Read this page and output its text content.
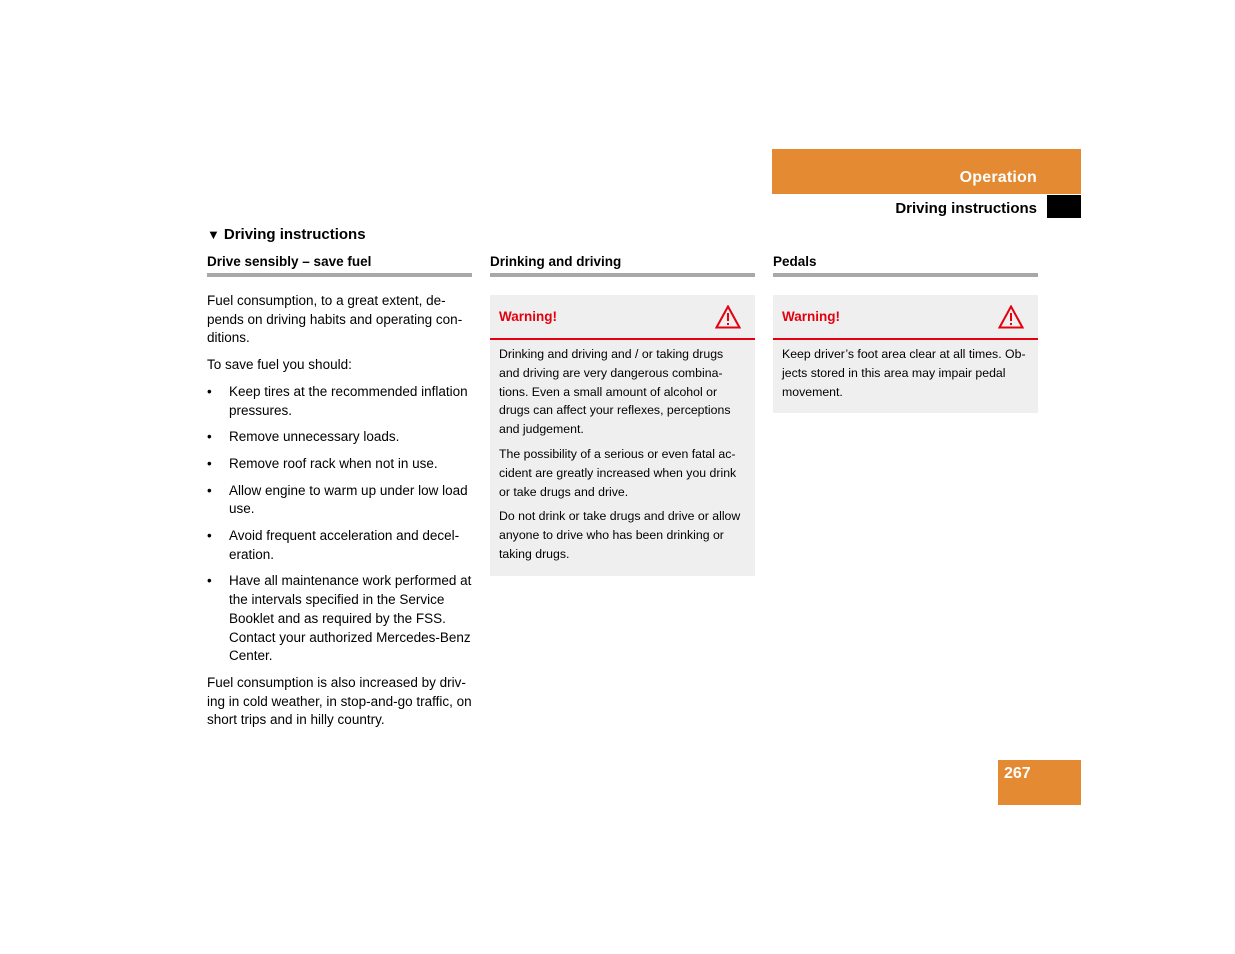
Operation
Driving instructions
▼ Driving instructions
Drive sensibly – save fuel

Fuel consumption, to a great extent, depends on driving habits and operating conditions.

To save fuel you should:

• Keep tires at the recommended inflation pressures.
• Remove unnecessary loads.
• Remove roof rack when not in use.
• Allow engine to warm up under low load use.
• Avoid frequent acceleration and deceleration.
• Have all maintenance work performed at the intervals specified in the Service Booklet and as required by the FSS. Contact your authorized Mercedes-Benz Center.

Fuel consumption is also increased by driving in cold weather, in stop-and-go traffic, on short trips and in hilly country.

Drinking and driving
Warning!

Drinking and driving and / or taking drugs and driving are very dangerous combinations. Even a small amount of alcohol or drugs can affect your reflexes, perceptions and judgement.

The possibility of a serious or even fatal accident are greatly increased when you drink or take drugs and drive.

Do not drink or take drugs and drive or allow anyone to drive who has been drinking or taking drugs.

Pedals
Warning!

Keep driver’s foot area clear at all times. Objects stored in this area may impair pedal movement.

267
